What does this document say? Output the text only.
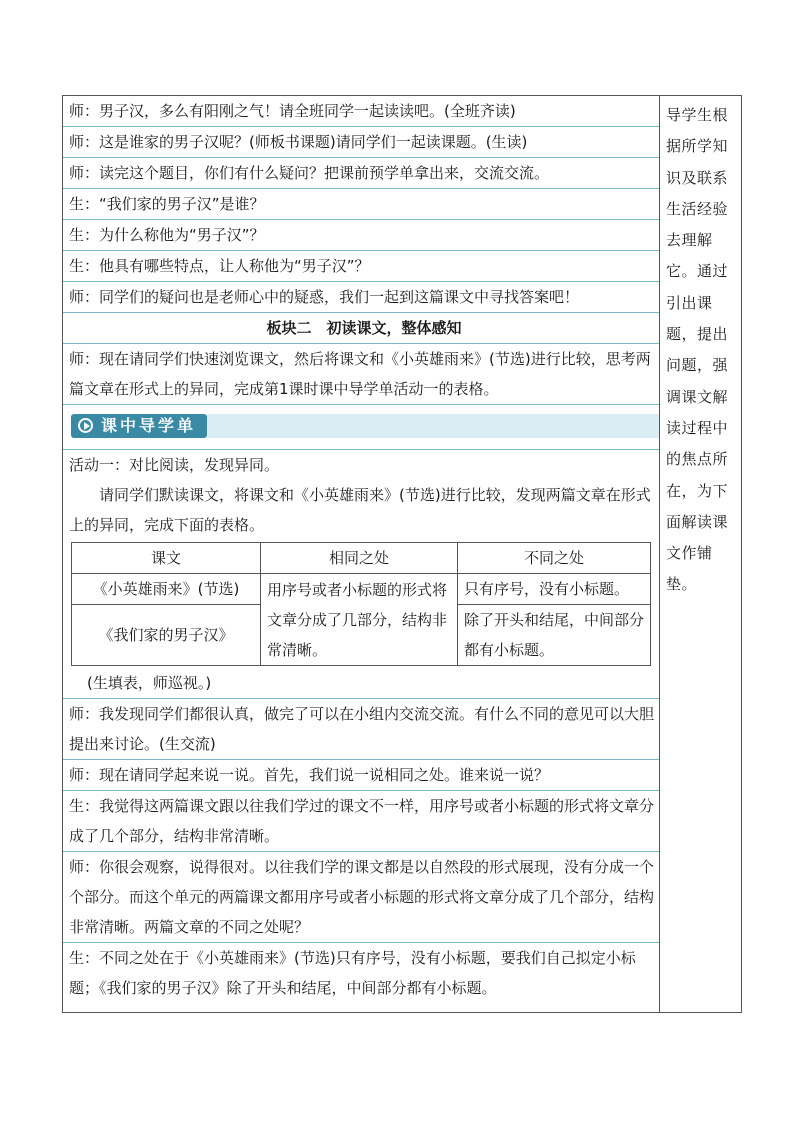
师：男子汉，多么有阳刚之气！请全班同学一起读读吧。(全班齐读)
师：这是谁家的男子汉呢？(师板书课题)请同学们一起读课题。(生读)
师：读完这个题目，你们有什么疑问？把课前预学单拿出来，交流交流。
生：“我们家的男子汉”是谁？
生：为什么称他为“男子汉”？
生：他具有哪些特点，让人称他为“男子汉”？
师：同学们的疑问也是老师心中的疑惑，我们一起到这篇课文中寻找答案吧！
板块二　初读课文，整体感知
师：现在请同学们快速浏览课文，然后将课文和《小英雄雨来》(节选)进行比较，思考两篇文章在形式上的异同，完成第1课时课中导学单活动一的表格。
课中导学单
活动一：对比阅读，发现异同。
请同学们默读课文，将课文和《小英雄雨来》(节选)进行比较，发现两篇文章在形式上的异同，完成下面的表格。
课文	相同之处	不同之处
《小英雄雨来》(节选)	用序号或者小标题的形式将文章分成了几部分，结构非常清晰。	只有序号，没有小标题。
《我们家的男子汉》		除了开头和结尾，中间部分都有小标题。
(生填表，师巡视。)
师：我发现同学们都很认真，做完了可以在小组内交流交流。有什么不同的意见可以大胆提出来讨论。(生交流)
师：现在请同学起来说一说。首先，我们说一说相同之处。谁来说一说？
生：我觉得这两篇课文跟以往我们学过的课文不一样，用序号或者小标题的形式将文章分成了几个部分，结构非常清晰。
师：你很会观察，说得很对。以往我们学的课文都是以自然段的形式展现，没有分成一个个部分。而这个单元的两篇课文都用序号或者小标题的形式将文章分成了几个部分，结构非常清晰。两篇文章的不同之处呢？
生：不同之处在于《小英雄雨来》(节选)只有序号，没有小标题，要我们自己拟定小标题；《我们家的男子汉》除了开头和结尾，中间部分都有小标题。
导学生根
据所学知
识及联系
生活经验
去理解
它。通过
引出课
题，提出
问题，强
调课文解
读过程中
的焦点所
在，为下
面解读课
文作铺
垫。
